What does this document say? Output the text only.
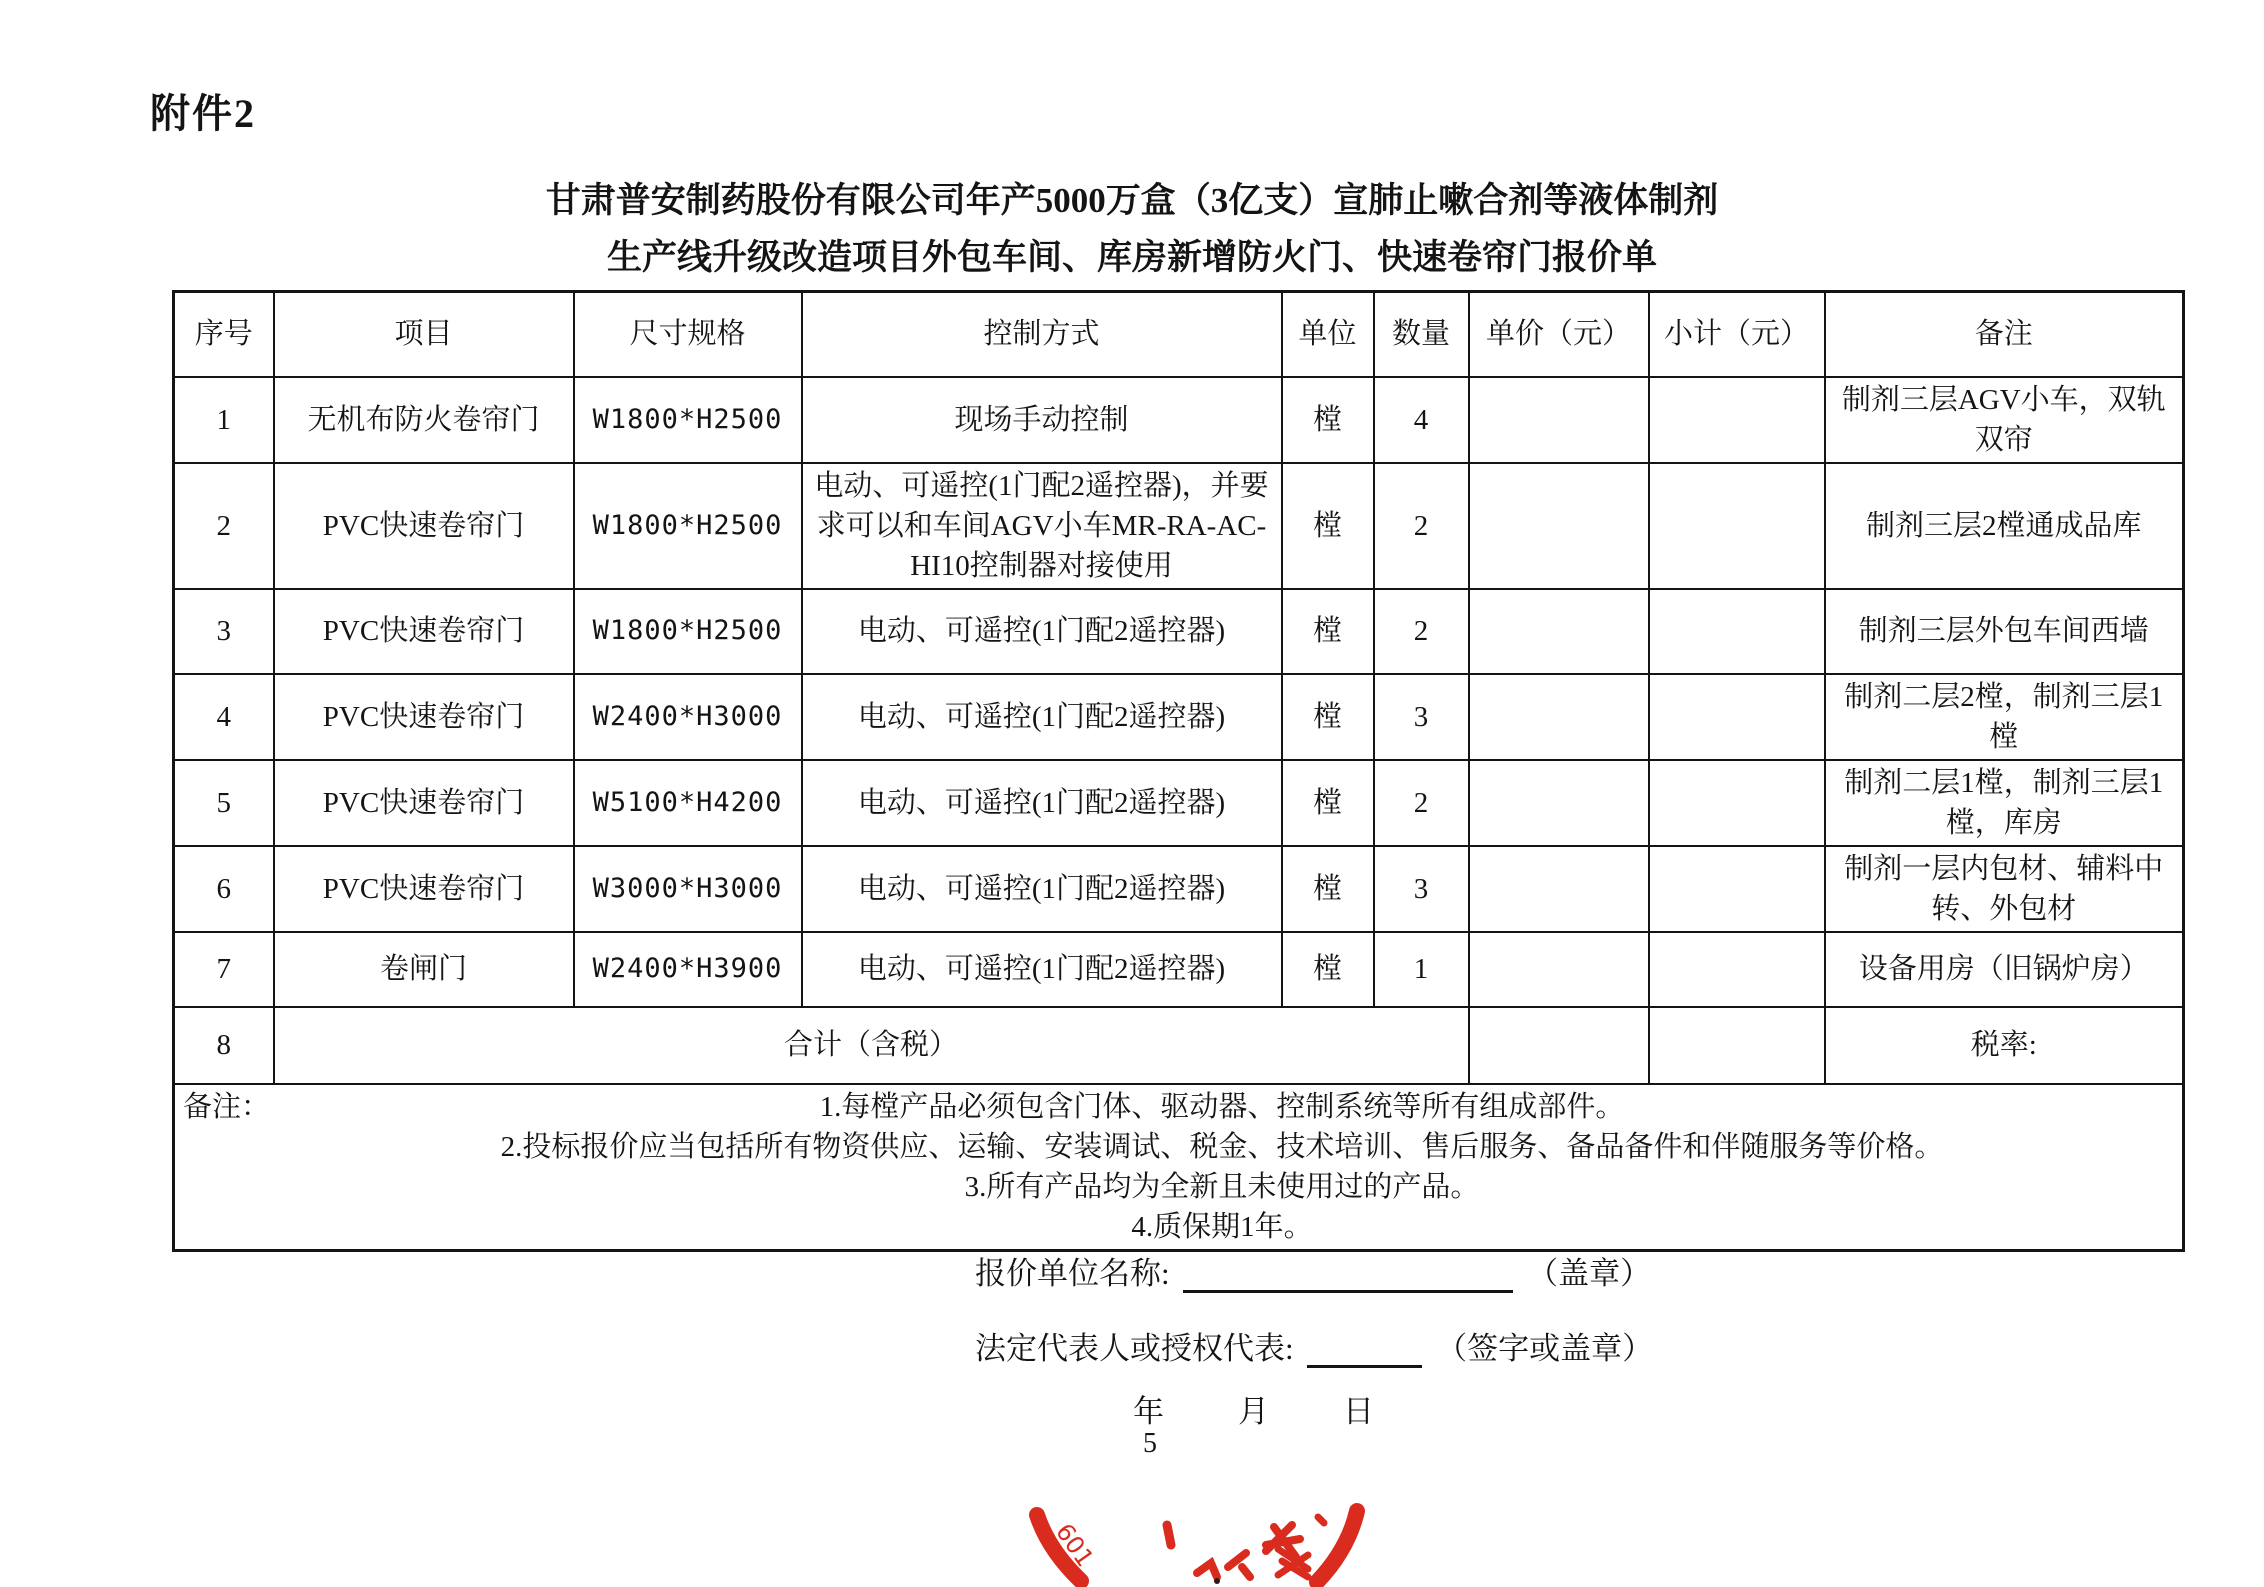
附件2
甘肃普安制药股份有限公司年产5000万盒（3亿支）宣肺止嗽合剂等液体制剂
生产线升级改造项目外包车间、库房新增防火门、快速卷帘门报价单
序号	项目	尺寸规格	控制方式	单位	数量	单价（元）	小计（元）	备注
1	无机布防火卷帘门	W1800*H2500	现场手动控制	樘	4			制剂三层AGV小车，双轨双帘
2	PVC快速卷帘门	W1800*H2500	电动、可遥控(1门配2遥控器)，并要求可以和车间AGV小车MR-RA-AC-HI10控制器对接使用	樘	2			制剂三层2樘通成品库
3	PVC快速卷帘门	W1800*H2500	电动、可遥控(1门配2遥控器)	樘	2			制剂三层外包车间西墙
4	PVC快速卷帘门	W2400*H3000	电动、可遥控(1门配2遥控器)	樘	3			制剂二层2樘，制剂三层1樘
5	PVC快速卷帘门	W5100*H4200	电动、可遥控(1门配2遥控器)	樘	2			制剂二层1樘，制剂三层1樘，库房
6	PVC快速卷帘门	W3000*H3000	电动、可遥控(1门配2遥控器)	樘	3			制剂一层内包材、辅料中转、外包材
7	卷闸门	W2400*H3900	电动、可遥控(1门配2遥控器)	樘	1			设备用房（旧锅炉房）
8	合计（含税）							税率:

备注： 1.每樘产品必须包含门体、驱动器、控制系统等所有组成部件。
2.投标报价应当包括所有物资供应、运输、安装调试、税金、技术培训、售后服务、备品备件和伴随服务等价格。
3.所有产品均为全新且未使用过的产品。
4.质保期1年。								
报价单位名称:	（盖章）
法定代表人或授权代表:	（签字或盖章）
年　　月　　日
5
601
